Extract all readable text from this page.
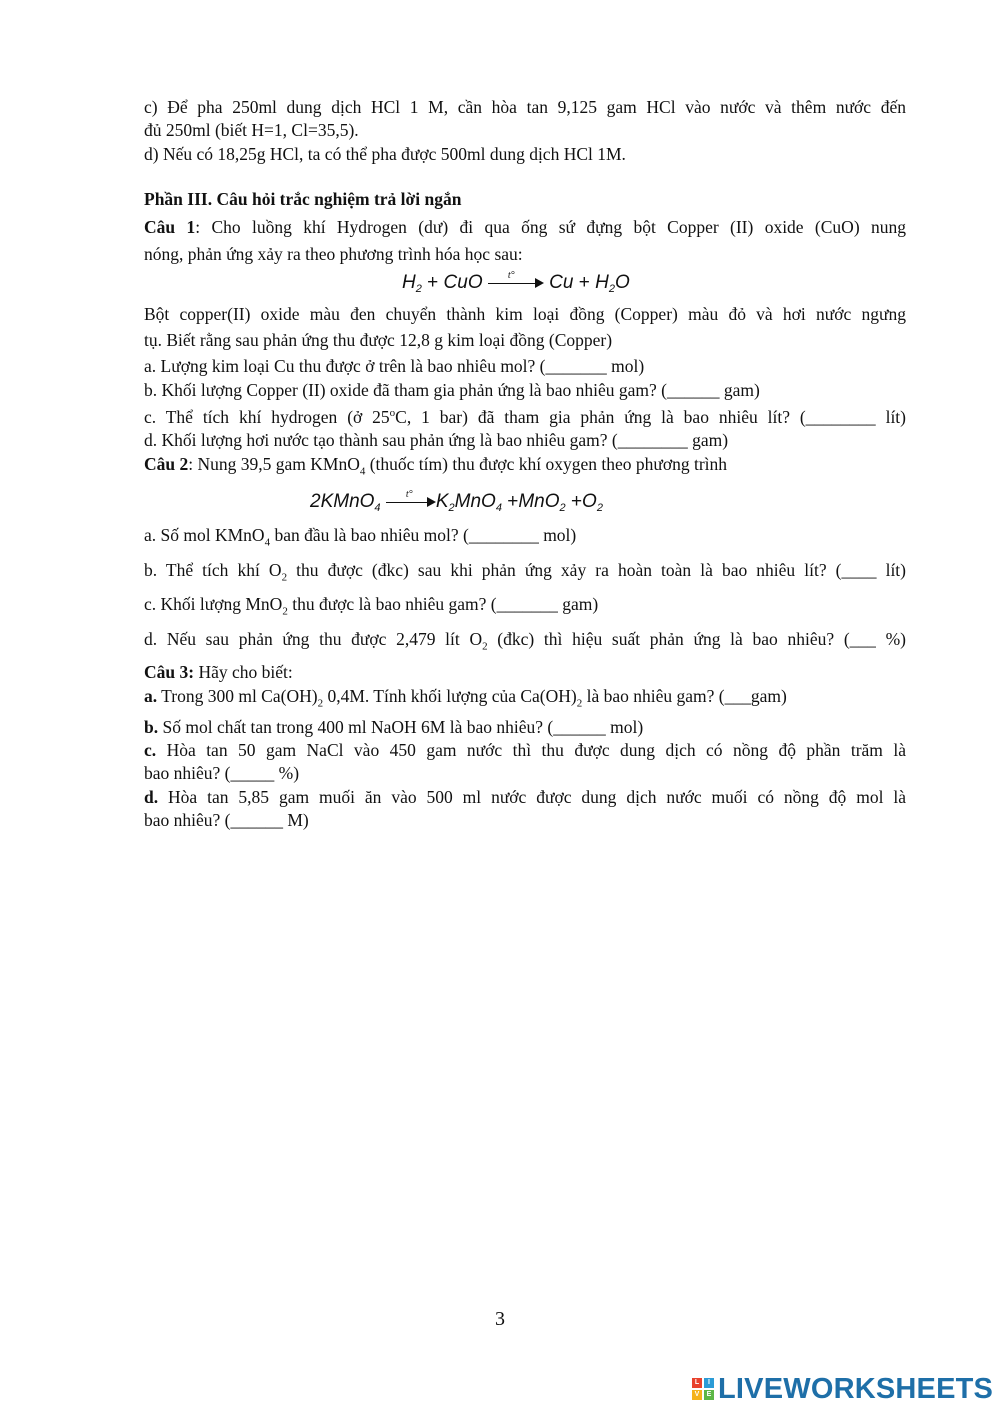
c) Để pha 250ml dung dịch HCl 1 M, cần hòa tan 9,125 gam HCl vào nước và thêm nước đến
đủ 250ml (biết H=1, Cl=35,5).
d) Nếu có 18,25g HCl, ta có thể pha được 500ml dung dịch HCl 1M.
Phần III. Câu hỏi trắc nghiệm trả lời ngắn
Câu 1: Cho luồng khí Hydrogen (dư) đi qua ống sứ đựng bột Copper (II) oxide (CuO) nung
nóng, phản ứng xảy ra theo phương trình hóa học sau:
$H_2$ + CuO	t° $Cu + H_2O$
Bột copper(II) oxide màu đen chuyển thành kim loại đồng (Copper) màu đỏ và hơi nước ngưng
tụ. Biết rằng sau phản ứng thu được 12,8 g kim loại đồng (Copper)
a. Lượng kim loại Cu thu được ở trên là bao nhiêu mol? (_______ mol)
b. Khối lượng Copper (II) oxide đã tham gia phản ứng là bao nhiêu gam? (______ gam)
c. Thể tích khí hydrogen (ở 25$^o$C, 1 bar) đã tham gia phản ứng là bao nhiêu lít? (________ lít)
d. Khối lượng hơi nước tạo thành sau phản ứng là bao nhiêu gam? (________ gam)
Câu 2: Nung 39,5 gam KMnO$_4$ (thuốc tím) thu được khí oxygen theo phương trình
2KMnO$_4$
t° $K_2MnO_4 +MnO_2 +O_2$
a. Số mol KMnO$_4$ ban đầu là bao nhiêu mol? (________ mol)
b. Thể tích khí $O_2$ thu được (đkc) sau khi phản ứng xảy ra hoàn toàn là bao nhiêu lít? (____ lít)
c. Khối lượng MnO$_2$ thu được là bao nhiêu gam? (_______ gam)
d. Nếu sau phản ứng thu được 2,479 lít $O_2$ (đkc) thì hiệu suất phản ứng là bao nhiêu? (___ %)
Câu 3: Hãy cho biết:
a. Trong 300 ml $Ca(OH)_2$ 0,4M. Tính khối lượng của $Ca(OH)_2$ là bao nhiêu gam? (___gam)
b. Số mol chất tan trong 400 ml NaOH 6M là bao nhiêu? (______ mol)
c. Hòa tan 50 gam NaCl vào 450 gam nước thì thu được dung dịch có nồng độ phần trăm là
bao nhiêu? (_____ %)
d. Hòa tan 5,85 gam muối ăn vào 500 ml nước được dung dịch nước muối có nồng độ mol là
bao nhiêu? (______ M)
3
L	I
V	E LIVEWORKSHEETS
